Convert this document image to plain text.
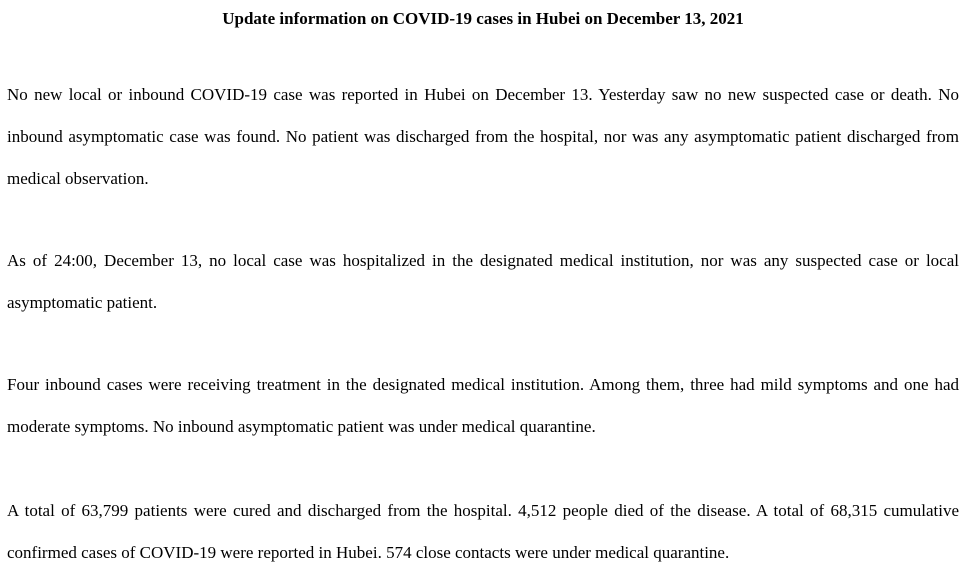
Update information on COVID-19 cases in Hubei on December 13, 2021

No new local or inbound COVID-19 case was reported in Hubei on December 13. Yesterday saw no new suspected case or death. No inbound asymptomatic case was found. No patient was discharged from the hospital, nor was any asymptomatic patient discharged from medical observation.

As of 24:00, December 13, no local case was hospitalized in the designated medical institution, nor was any suspected case or local asymptomatic patient.

Four inbound cases were receiving treatment in the designated medical institution. Among them, three had mild symptoms and one had moderate symptoms. No inbound asymptomatic patient was under medical quarantine.

A total of 63,799 patients were cured and discharged from the hospital. 4,512 people died of the disease. A total of 68,315 cumulative confirmed cases of COVID-19 were reported in Hubei. 574 close contacts were under medical quarantine.
